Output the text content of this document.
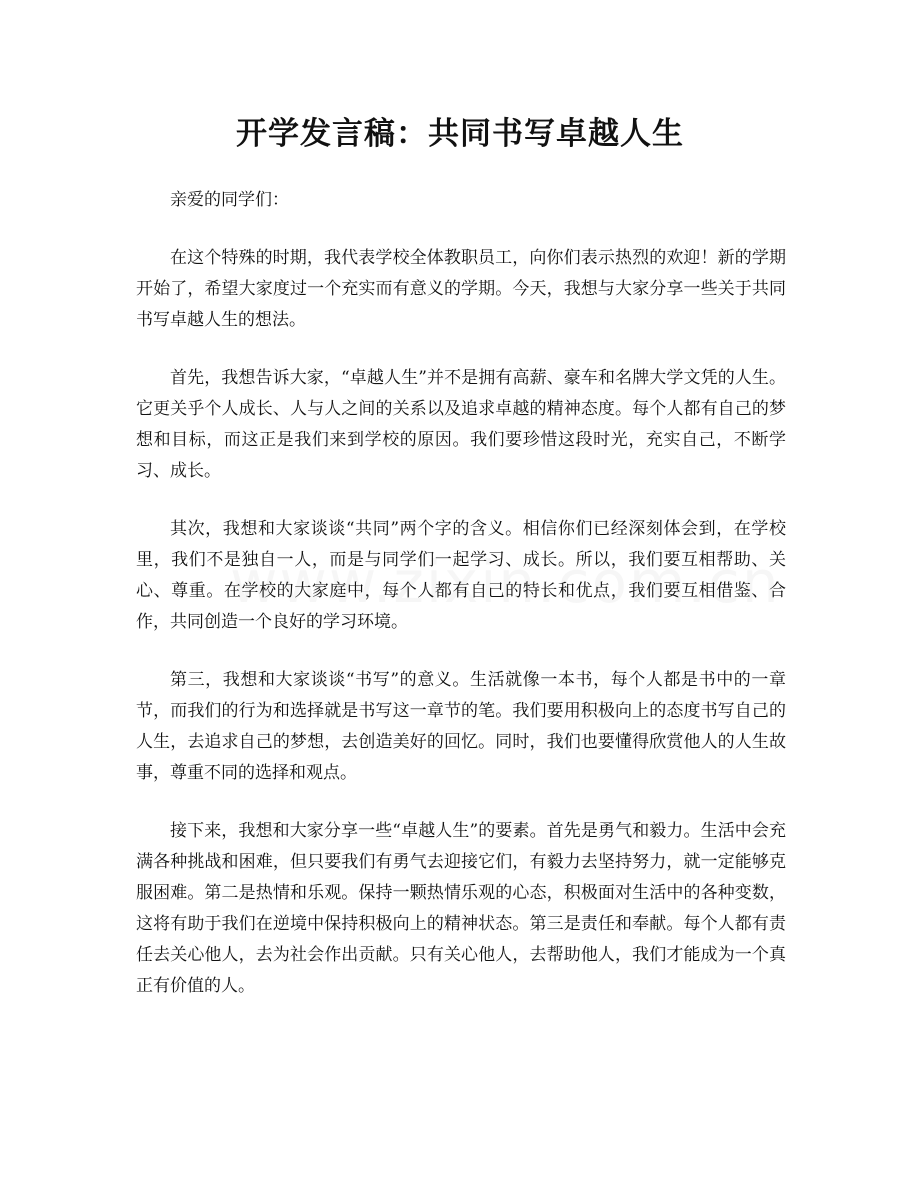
开学发言稿：共同书写卓越人生

亲爱的同学们：

在这个特殊的时期，我代表学校全体教职员工，向你们表示热烈的欢迎！新的学期开始了，希望大家度过一个充实而有意义的学期。今天，我想与大家分享一些关于共同书写卓越人生的想法。

首先，我想告诉大家，“卓越人生”并不是拥有高薪、豪车和名牌大学文凭的人生。它更关乎个人成长、人与人之间的关系以及追求卓越的精神态度。每个人都有自己的梦想和目标，而这正是我们来到学校的原因。我们要珍惜这段时光，充实自己，不断学习、成长。

其次，我想和大家谈谈“共同”两个字的含义。相信你们已经深刻体会到，在学校里，我们不是独自一人，而是与同学们一起学习、成长。所以，我们要互相帮助、关心、尊重。在学校的大家庭中，每个人都有自己的特长和优点，我们要互相借鉴、合作，共同创造一个良好的学习环境。

第三，我想和大家谈谈“书写”的意义。生活就像一本书，每个人都是书中的一章节，而我们的行为和选择就是书写这一章节的笔。我们要用积极向上的态度书写自己的人生，去追求自己的梦想，去创造美好的回忆。同时，我们也要懂得欣赏他人的人生故事，尊重不同的选择和观点。

接下来，我想和大家分享一些“卓越人生”的要素。首先是勇气和毅力。生活中会充满各种挑战和困难，但只要我们有勇气去迎接它们，有毅力去坚持努力，就一定能够克服困难。第二是热情和乐观。保持一颗热情乐观的心态，积极面对生活中的各种变数，这将有助于我们在逆境中保持积极向上的精神状态。第三是责任和奉献。每个人都有责任去关心他人，去为社会作出贡献。只有关心他人，去帮助他人，我们才能成为一个真正有价值的人。
